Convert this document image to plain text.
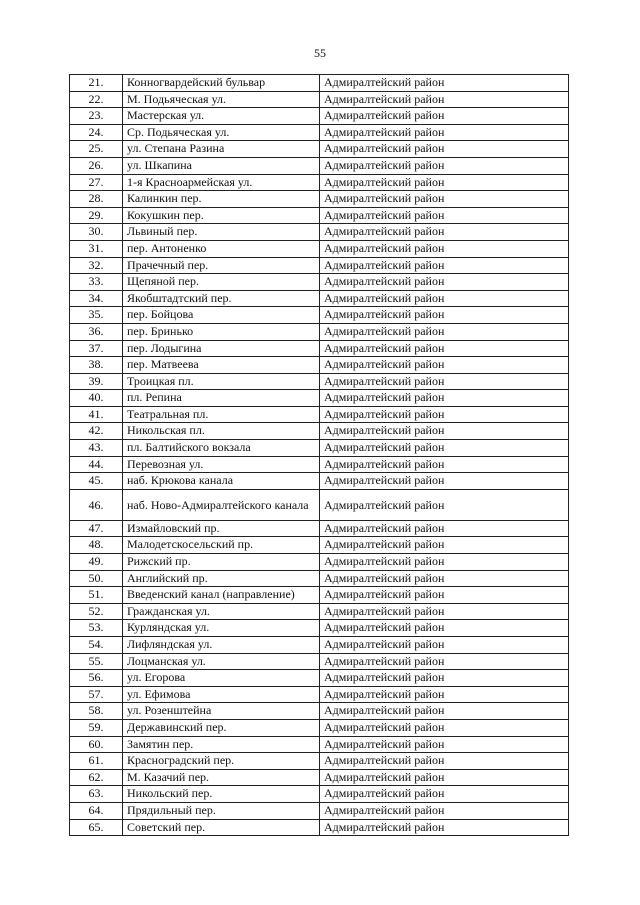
55
21.	Конногвардейский бульвар	Адмиралтейский район
22.	М. Подьяческая ул.	Адмиралтейский район
23.	Мастерская ул.	Адмиралтейский район
24.	Ср. Подьяческая ул.	Адмиралтейский район
25.	ул. Степана Разина	Адмиралтейский район
26.	ул. Шкапина	Адмиралтейский район
27.	1-я Красноармейская ул.	Адмиралтейский район
28.	Калинкин пер.	Адмиралтейский район
29.	Кокушкин пер.	Адмиралтейский район
30.	Львиный пер.	Адмиралтейский район
31.	пер. Антоненко	Адмиралтейский район
32.	Прачечный пер.	Адмиралтейский район
33.	Щепяной пер.	Адмиралтейский район
34.	Якобштадтский пер.	Адмиралтейский район
35.	пер. Бойцова	Адмиралтейский район
36.	пер. Бринько	Адмиралтейский район
37.	пер. Лодыгина	Адмиралтейский район
38.	пер. Матвеева	Адмиралтейский район
39.	Троицкая пл.	Адмиралтейский район
40.	пл. Репина	Адмиралтейский район
41.	Театральная пл.	Адмиралтейский район
42.	Никольская пл.	Адмиралтейский район
43.	пл. Балтийского вокзала	Адмиралтейский район
44.	Перевозная ул.	Адмиралтейский район
45.	наб. Крюкова канала	Адмиралтейский район
46.	наб. Ново-Адмиралтейского канала	Адмиралтейский район
47.	Измайловский пр.	Адмиралтейский район
48.	Малодетскосельский пр.	Адмиралтейский район
49.	Рижский пр.	Адмиралтейский район
50.	Английский пр.	Адмиралтейский район
51.	Введенский канал (направление)	Адмиралтейский район
52.	Гражданская ул.	Адмиралтейский район
53.	Курляндская ул.	Адмиралтейский район
54.	Лифляндская ул.	Адмиралтейский район
55.	Лоцманская ул.	Адмиралтейский район
56.	ул. Егорова	Адмиралтейский район
57.	ул. Ефимова	Адмиралтейский район
58.	ул. Розенштейна	Адмиралтейский район
59.	Державинский пер.	Адмиралтейский район
60.	Замятин пер.	Адмиралтейский район
61.	Красноградский пер.	Адмиралтейский район
62.	М. Казачий пер.	Адмиралтейский район
63.	Никольский пер.	Адмиралтейский район
64.	Прядильный пер.	Адмиралтейский район
65.	Советский пер.	Адмиралтейский район
